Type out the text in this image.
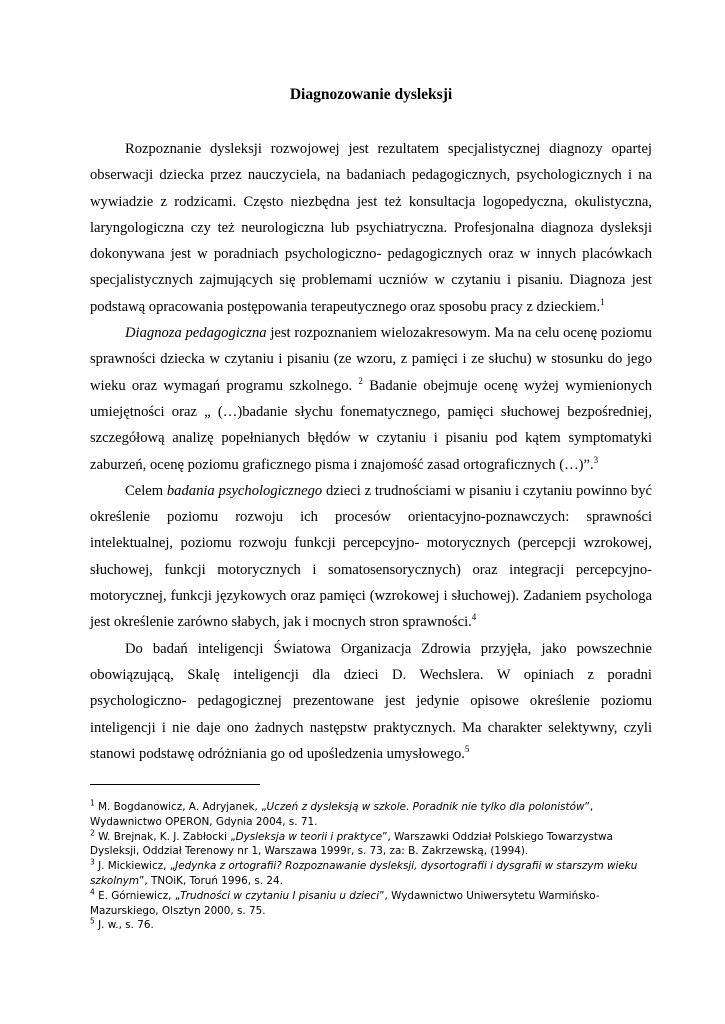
Diagnozowanie dysleksji

Rozpoznanie dysleksji rozwojowej jest rezultatem specjalistycznej diagnozy opartej obserwacji dziecka przez nauczyciela, na badaniach pedagogicznych, psychologicznych i na wywiadzie z rodzicami. Często niezbędna jest też konsultacja logopedyczna, okulistyczna, laryngologiczna czy też neurologiczna lub psychiatryczna. Profesjonalna diagnoza dysleksji dokonywana jest w poradniach psychologiczno- pedagogicznych oraz w innych placówkach specjalistycznych zajmujących się problemami uczniów w czytaniu i pisaniu. Diagnoza jest podstawą opracowania postępowania terapeutycznego oraz sposobu pracy z dzieckiem.$^1$

Diagnoza pedagogiczna jest rozpoznaniem wielozakresowym. Ma na celu ocenę poziomu sprawności dziecka w czytaniu i pisaniu (ze wzoru, z pamięci i ze słuchu) w stosunku do jego wieku oraz wymagań programu szkolnego. $^2$ Badanie obejmuje ocenę wyżej wymienionych umiejętności oraz „ (…)badanie słychu fonematycznego, pamięci słuchowej bezpośredniej, szczegółową analizę popełnianych błędów w czytaniu i pisaniu pod kątem symptomatyki zaburzeń, ocenę poziomu graficznego pisma i znajomość zasad ortograficznych (…)”.$^3$

Celem badania psychologicznego dzieci z trudnościami w pisaniu i czytaniu powinno być określenie poziomu rozwoju ich procesów orientacyjno-poznawczych: sprawności intelektualnej, poziomu rozwoju funkcji percepcyjno- motorycznych (percepcji wzrokowej, słuchowej, funkcji motorycznych i somatosensorycznych) oraz integracji percepcyjno-motorycznej, funkcji językowych oraz pamięci (wzrokowej i słuchowej). Zadaniem psychologa jest określenie zarówno słabych, jak i mocnych stron sprawności.$^4$

Do badań inteligencji Światowa Organizacja Zdrowia przyjęła, jako powszechnie obowiązującą, Skalę inteligencji dla dzieci D. Wechslera. W opiniach z poradni psychologiczno- pedagogicznej prezentowane jest jedynie opisowe określenie poziomu inteligencji i nie daje ono żadnych następstw praktycznych. Ma charakter selektywny, czyli stanowi podstawę odróżniania go od upośledzenia umysłowego.$^5$

$^1$ M. Bogdanowicz, A. Adryjanek, „Uczeń z dysleksją w szkole. Poradnik nie tylko dla polonistów”, Wydawnictwo OPERON, Gdynia 2004, s. 71.

$^2$ W. Brejnak, K. J. Zabłocki „Dysleksja w teorii i praktyce”, Warszawki Oddział Polskiego Towarzystwa Dysleksji, Oddział Terenowy nr 1, Warszawa 1999r, s. 73, za: B. Zakrzewską, (1994).

$^3$ J. Mickiewicz, „Jedynka z ortografii? Rozpoznawanie dysleksji, dysortografii i dysgrafii w starszym wieku szkolnym”, TNOiK, Toruń 1996, s. 24.

$^4$ E. Górniewicz, „Trudności w czytaniu I pisaniu u dzieci”, Wydawnictwo Uniwersytetu Warmińsko-Mazurskiego, Olsztyn 2000, s. 75.

$^5$ J. w., s. 76.
